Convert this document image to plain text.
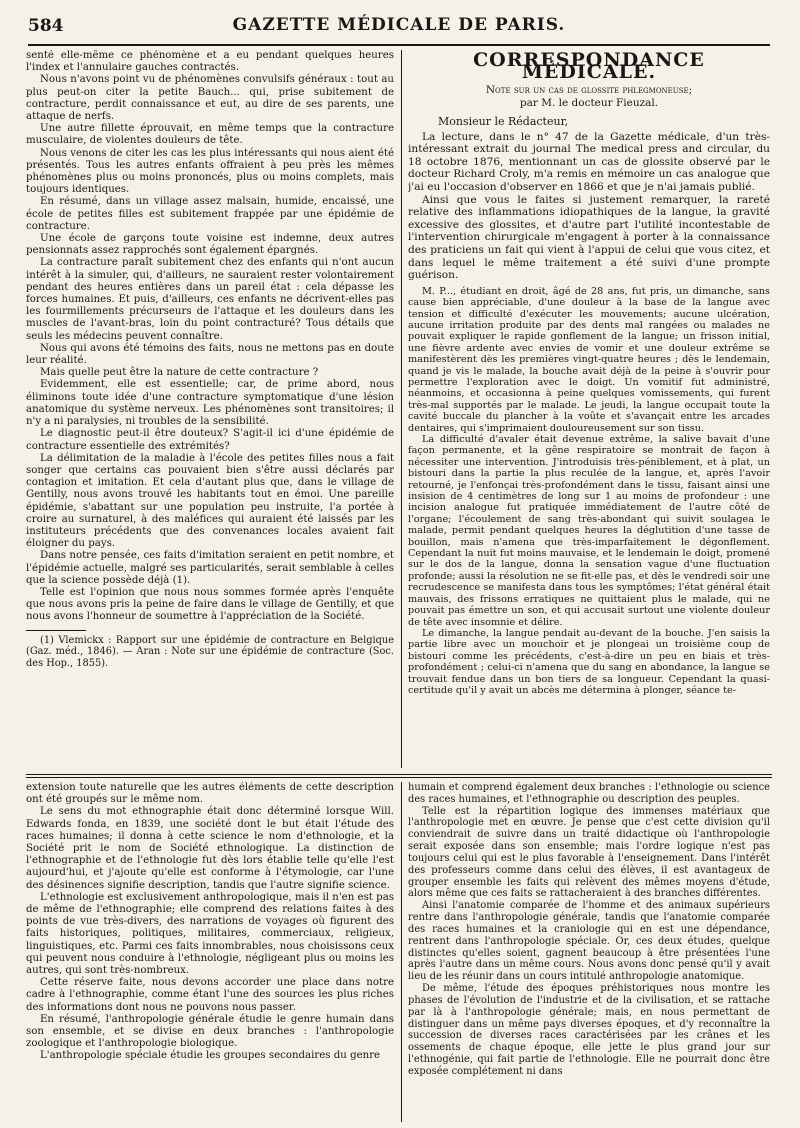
584	GAZETTE MÉDICALE DE PARIS.

senté elle-même ce phénomène et a eu pendant quelques heures l'index et l'annulaire gauches contractés.

Nous n'avons point vu de phénomènes convulsifs généraux : tout au plus peut-on citer la petite Bauch... qui, prise subitement de contracture, perdit connaissance et eut, au dire de ses parents, une attaque de nerfs.

Une autre fillette éprouvait, en même temps que la contracture musculaire, de violentes douleurs de tête.

Nous venons de citer les cas les plus intéressants qui nous aient été présentés. Tous les autres enfants offraient à peu près les mêmes phénomènes plus ou moins prononcés, plus ou moins complets, mais toujours identiques.

En résumé, dans un village assez malsain, humide, encaissé, une école de petites filles est subitement frappée par une épidémie de contracture.

Une école de garçons toute voisine est indemne, deux autres pensionnats assez rapprochés sont également épargnés.

La contracture paraît subitement chez des enfants qui n'ont aucun intérêt à la simuler, qui, d'ailleurs, ne sauraient rester volontairement pendant des heures entières dans un pareil état : cela dépasse les forces humaines. Et puis, d'ailleurs, ces enfants ne décrivent-elles pas les fourmillements précurseurs de l'attaque et les douleurs dans les muscles de l'avant-bras, loin du point contracturé? Tous détails que seuls les médecins peuvent connaître.

Nous qui avons été témoins des faits, nous ne mettons pas en doute leur réalité.

Mais quelle peut être la nature de cette contracture ?

Evidemment, elle est essentielle; car, de prime abord, nous éliminons toute idée d'une contracture symptomatique d'une lésion anatomique du système nerveux. Les phénomènes sont transitoires; il n'y a ni paralysies, ni troubles de la sensibilité.

Le diagnostic peut-il être douteux? S'agit-il ici d'une épidémie de contracture essentielle des extrémités?

La délimitation de la maladie à l'école des petites filles nous a fait songer que certains cas pouvaient bien s'être aussi déclarés par contagion et imitation. Et cela d'autant plus que, dans le village de Gentilly, nous avons trouvé les habitants tout en émoi. Une pareille épidémie, s'abattant sur une population peu instruite, l'a portée à croire au surnaturel, à des maléfices qui auraient été laissés par les instituteurs précédents que des convenances locales avaient fait éloigner du pays.

Dans notre pensée, ces faits d'imitation seraient en petit nombre, et l'épidémie actuelle, malgré ses particularités, serait semblable à celles que la science possède déjà (1).

Telle est l'opinion que nous nous sommes formée après l'enquête que nous avons pris la peine de faire dans le village de Gentilly, et que nous avons l'honneur de soumettre à l'appréciation de la Société.

(1) Vlemickx : Rapport sur une épidémie de contracture en Belgique (Gaz. méd., 1846). — Aran : Note sur une épidémie de contracture (Soc. des Hop., 1855).

CORRESPONDANCE MÉDICALE.
Note sur un cas de glossite phlegmoneuse;
par M. le docteur Fieuzal.
Monsieur le Rédacteur,

La lecture, dans le n° 47 de la Gazette médicale, d'un très-intéressant extrait du journal The medical press and circular, du 18 octobre 1876, mentionnant un cas de glossite observé par le docteur Richard Croly, m'a remis en mémoire un cas analogue que j'ai eu l'occasion d'observer en 1866 et que je n'ai jamais publié.

Ainsi que vous le faites si justement remarquer, la rareté relative des inflammations idiopathiques de la langue, la gravité excessive des glossites, et d'autre part l'utilité incontestable de l'intervention chirurgicale m'engagent à porter à la connaissance des praticiens un fait qui vient à l'appui de celui que vous citez, et dans lequel le même traitement a été suivi d'une prompte guérison.

M. P..., étudiant en droit, âgé de 28 ans, fut pris, un dimanche, sans cause bien appréciable, d'une douleur à la base de la langue avec tension et difficulté d'exécuter les mouvements; aucune ulcération, aucune irritation produite par des dents mal rangées ou malades ne pouvait expliquer le rapide gonflement de la langue; un frisson initial, une fièvre ardente avec envies de vomir et une douleur extrême se manifestèrent dès les premières vingt-quatre heures ; dès le lendemain, quand je vis le malade, la bouche avait déjà de la peine à s'ouvrir pour permettre l'exploration avec le doigt. Un vomitif fut administré, néanmoins, et occasionna à peine quelques vomissements, qui furent très-mal supportés par le malade. Le jeudi, la langue occupait toute la cavité buccale du plancher à la voûte et s'avançait entre les arcades dentaires, qui s'imprimaient douloureusement sur son tissu.

La difficulté d'avaler était devenue extrême, la salive bavait d'une façon permanente, et la gêne respiratoire se montrait de façon à nécessiter une intervention. J'introduisis très-péniblement, et à plat, un bistouri dans la partie la plus reculée de la langue, et, après l'avoir retourné, je l'enfonçai très-profondément dans le tissu, faisant ainsi une insision de 4 centimètres de long sur 1 au moins de profondeur : une incision analogue fut pratiquée immédiatement de l'autre côté de l'organe; l'écoulement de sang très-abondant qui suivit soulagea le malade, permit pendant quelques heures la déglutition d'une tasse de bouillon, mais n'amena que très-imparfaitement le dégonflement. Cependant la nuit fut moins mauvaise, et le lendemain le doigt, promené sur le dos de la langue, donna la sensation vague d'une fluctuation profonde; aussi la résolution ne se fit-elle pas, et dès le vendredi soir une recrudescence se manifesta dans tous les symptômes; l'état général était mauvais, des frissons erratiques ne quittaient plus le malade, qui ne pouvait pas émettre un son, et qui accusait surtout une violente douleur de tête avec insomnie et délire.

Le dimanche, la langue pendait au-devant de la bouche. J'en saisis la partie libre avec un mouchoir et je plongeai un troisième coup de bistouri comme les précédents, c'est-à-dire un peu en biais et très-profondément ; celui-ci n'amena que du sang en abondance, la langue se trouvait fendue dans un bon tiers de sa longueur. Cependant la quasi-certitude qu'il y avait un abcès me détermina à plonger, séance te-

extension toute naturelle que les autres éléments de cette description ont été groupés sur le même nom.

Le sens du mot ethnographie était donc déterminé lorsque Will. Edwards fonda, en 1839, une société dont le but était l'étude des races humaines; il donna à cette science le nom d'ethnologie, et la Société prit le nom de Société ethnologique. La distinction de l'ethnographie et de l'ethnologie fut dès lors établie telle qu'elle l'est aujourd'hui, et j'ajoute qu'elle est conforme à l'étymologie, car l'une des désinences signifie description, tandis que l'autre signifie science.

L'ethnologie est exclusivement anthropologique, mais il n'en est pas de même de l'ethnographie; elle comprend des relations faites à des points de vue très-divers, des narrations de voyages où figurent des faits historiques, politiques, militaires, commerciaux, religieux, linguistiques, etc. Parmi ces faits innombrables, nous choisissons ceux qui peuvent nous conduire à l'ethnologie, négligeant plus ou moins les autres, qui sont très-nombreux.

Cette réserve faite, nous devons accorder une place dans notre cadre à l'ethnographie, comme étant l'une des sources les plus riches des informations dont nous ne pouvons nous passer.

En résumé, l'anthropologie générale étudie le genre humain dans son ensemble, et se divise en deux branches : l'anthropologie zoologique et l'anthropologie biologique.

L'anthropologie spéciale étudie les groupes secondaires du genre

humain et comprend également deux branches : l'ethnologie ou science des races humaines, et l'ethnographie ou description des peuples.

Telle est la répartition logique des immenses matériaux que l'anthropologie met en œuvre. Je pense que c'est cette division qu'il conviendrait de suivre dans un traité didactique où l'anthropologie serait exposée dans son ensemble; mais l'ordre logique n'est pas toujours celui qui est le plus favorable à l'enseignement. Dans l'intérêt des professeurs comme dans celui des élèves, il est avantageux de grouper ensemble les faits qui relèvent des mêmes moyens d'étude, alors même que ces faits se rattacheraient à des branches différentes.

Ainsi l'anatomie comparée de l'homme et des animaux supérieurs rentre dans l'anthropologie générale, tandis que l'anatomie comparée des races humaines et la craniologie qui en est une dépendance, rentrent dans l'anthropologie spéciale. Or, ces deux études, quelque distinctes qu'elles soient, gagnent beaucoup à être présentées l'une après l'autre dans un même cours. Nous avons donc pensé qu'il y avait lieu de les réunir dans un cours intitulé anthropologie anatomique.

De même, l'étude des époques préhistoriques nous montre les phases de l'évolution de l'industrie et de la civilisation, et se rattache par là à l'anthropologie générale; mais, en nous permettant de distinguer dans un même pays diverses époques, et d'y reconnaître la succession de diverses races caractérisées par les crânes et les ossements de chaque époque, elle jette le plus grand jour sur l'ethnogénie, qui fait partie de l'ethnologie. Elle ne pourrait donc être exposée complétement ni dans
